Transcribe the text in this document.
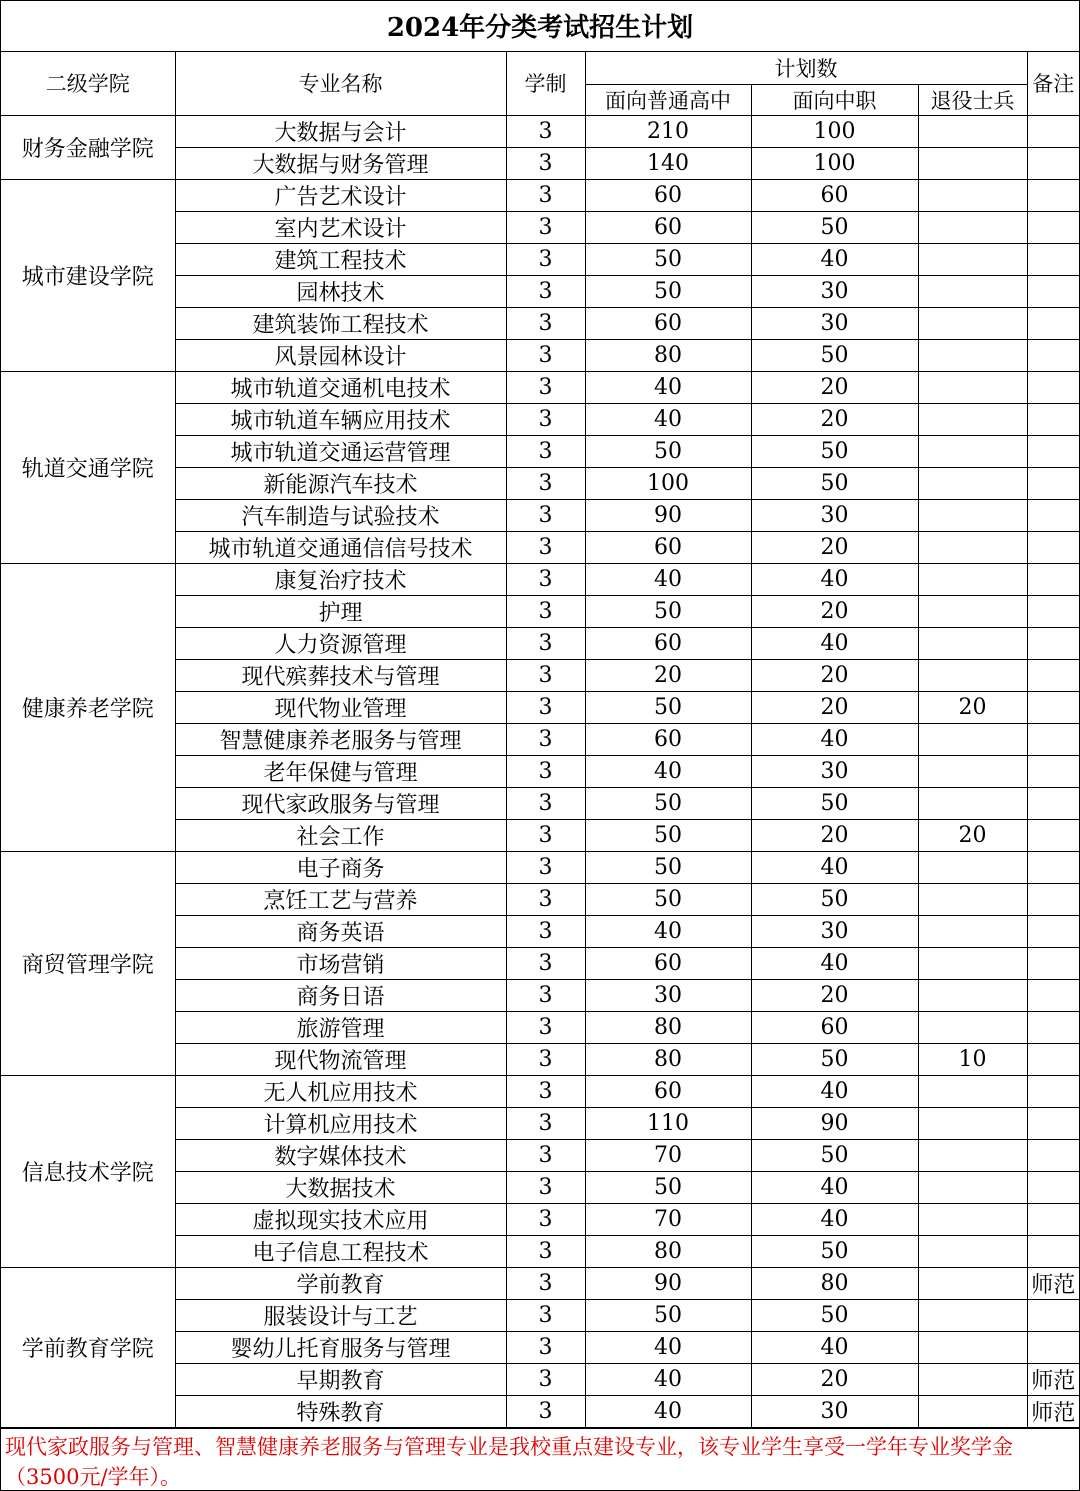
2024年分类考试招生计划
二级学院	专业名称	学制	计划数			备注
			面向普通高中	面向中职	退役士兵	
财务金融学院	大数据与会计	3	210	100		
	大数据与财务管理	3	140	100		
城市建设学院	广告艺术设计	3	60	60		
	室内艺术设计	3	60	50		
	建筑工程技术	3	50	40		
	园林技术	3	50	30		
	建筑装饰工程技术	3	60	30		
	风景园林设计	3	80	50		
轨道交通学院	城市轨道交通机电技术	3	40	20		
	城市轨道车辆应用技术	3	40	20		
	城市轨道交通运营管理	3	50	50		
	新能源汽车技术	3	100	50		
	汽车制造与试验技术	3	90	30		
	城市轨道交通通信信号技术	3	60	20		
健康养老学院	康复治疗技术	3	40	40		
	护理	3	50	20		
	人力资源管理	3	60	40		
	现代殡葬技术与管理	3	20	20		
	现代物业管理	3	50	20	20	
	智慧健康养老服务与管理	3	60	40		
	老年保健与管理	3	40	30		
	现代家政服务与管理	3	50	50		
	社会工作	3	50	20	20	
商贸管理学院	电子商务	3	50	40		
	烹饪工艺与营养	3	50	50		
	商务英语	3	40	30		
	市场营销	3	60	40		
	商务日语	3	30	20		
	旅游管理	3	80	60		
	现代物流管理	3	80	50	10	
信息技术学院	无人机应用技术	3	60	40		
	计算机应用技术	3	110	90		
	数字媒体技术	3	70	50		
	大数据技术	3	50	40		
	虚拟现实技术应用	3	70	40		
	电子信息工程技术	3	80	50		
学前教育学院	学前教育	3	90	80		师范
	服装设计与工艺	3	50	50		
	婴幼儿托育服务与管理	3	40	40		
	早期教育	3	40	20		师范
	特殊教育	3	40	30		师范
现代家政服务与管理、智慧健康养老服务与管理专业是我校重点建设专业，该专业学生享受一学年专业奖学金（3500元/学年）。
